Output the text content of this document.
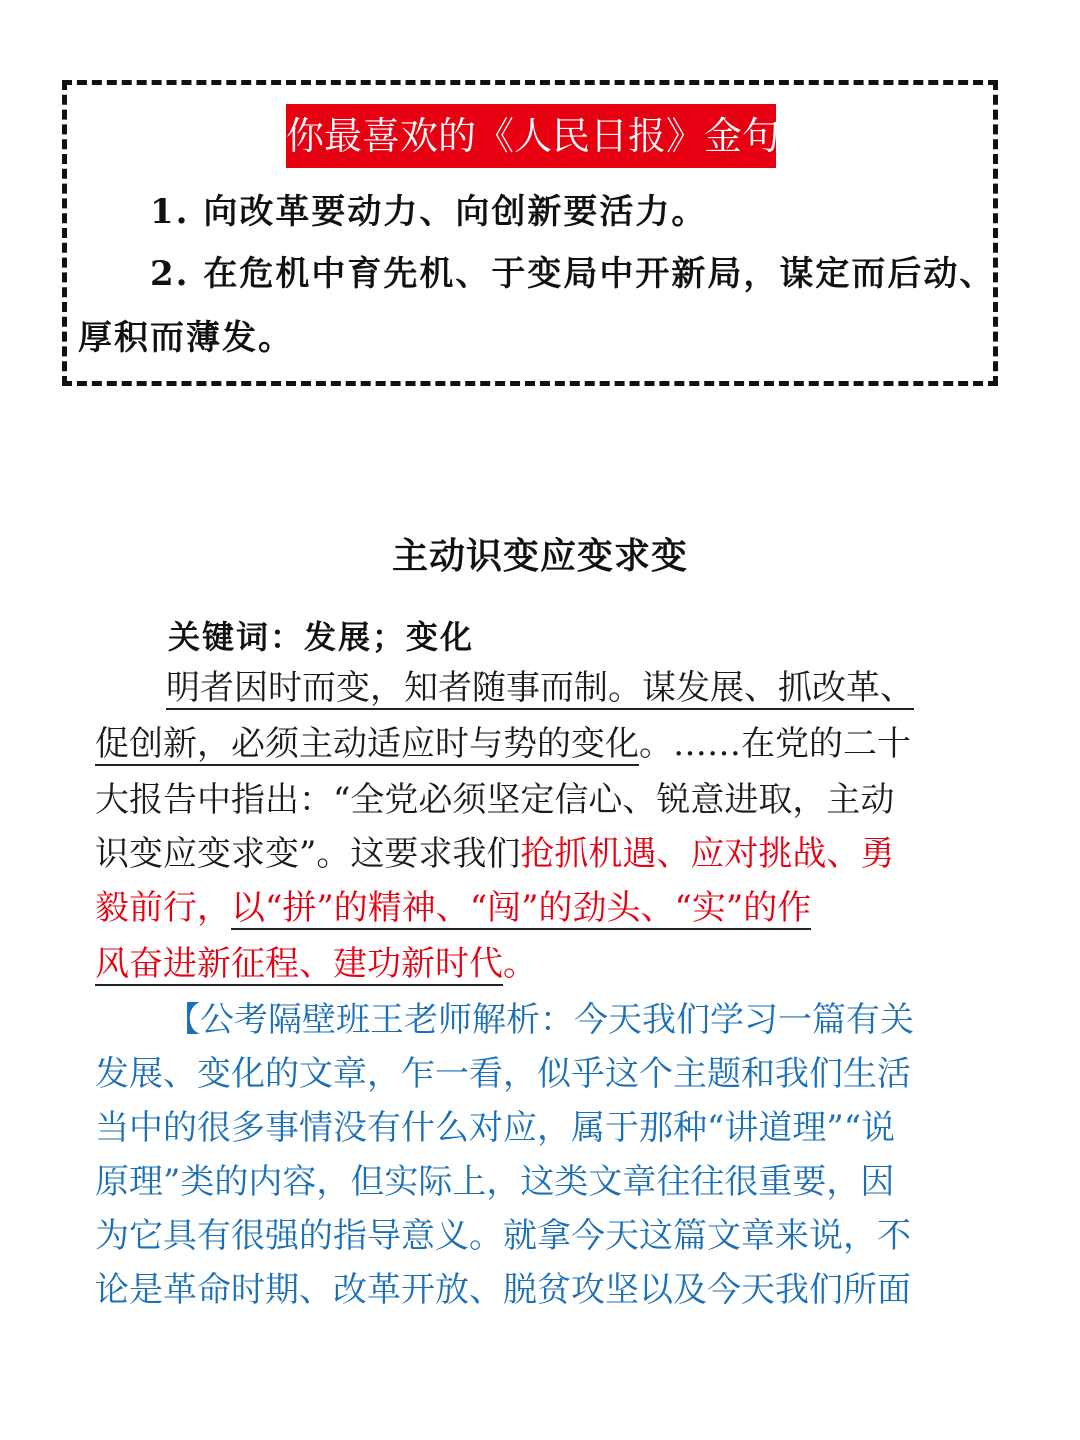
你最喜欢的《人民日报》金句
1. 向改革要动力、向创新要活力。
2. 在危机中育先机、于变局中开新局，谋定而后动、
厚积而薄发。
主动识变应变求变
关键词：发展；变化
明者因时而变，知者随事而制。谋发展、抓改革、
促创新，必须主动适应时与势的变化。……在党的二十
大报告中指出：“全党必须坚定信心、锐意进取，主动
识变应变求变”。这要求我们抢抓机遇、应对挑战、勇
毅前行，以“拼”的精神、“闯”的劲头、“实”的作
风奋进新征程、建功新时代。
【公考隔壁班王老师解析：今天我们学习一篇有关
发展、变化的文章，乍一看，似乎这个主题和我们生活
当中的很多事情没有什么对应，属于那种“讲道理”“说
原理”类的内容，但实际上，这类文章往往很重要，因
为它具有很强的指导意义。就拿今天这篇文章来说，不
论是革命时期、改革开放、脱贫攻坚以及今天我们所面
